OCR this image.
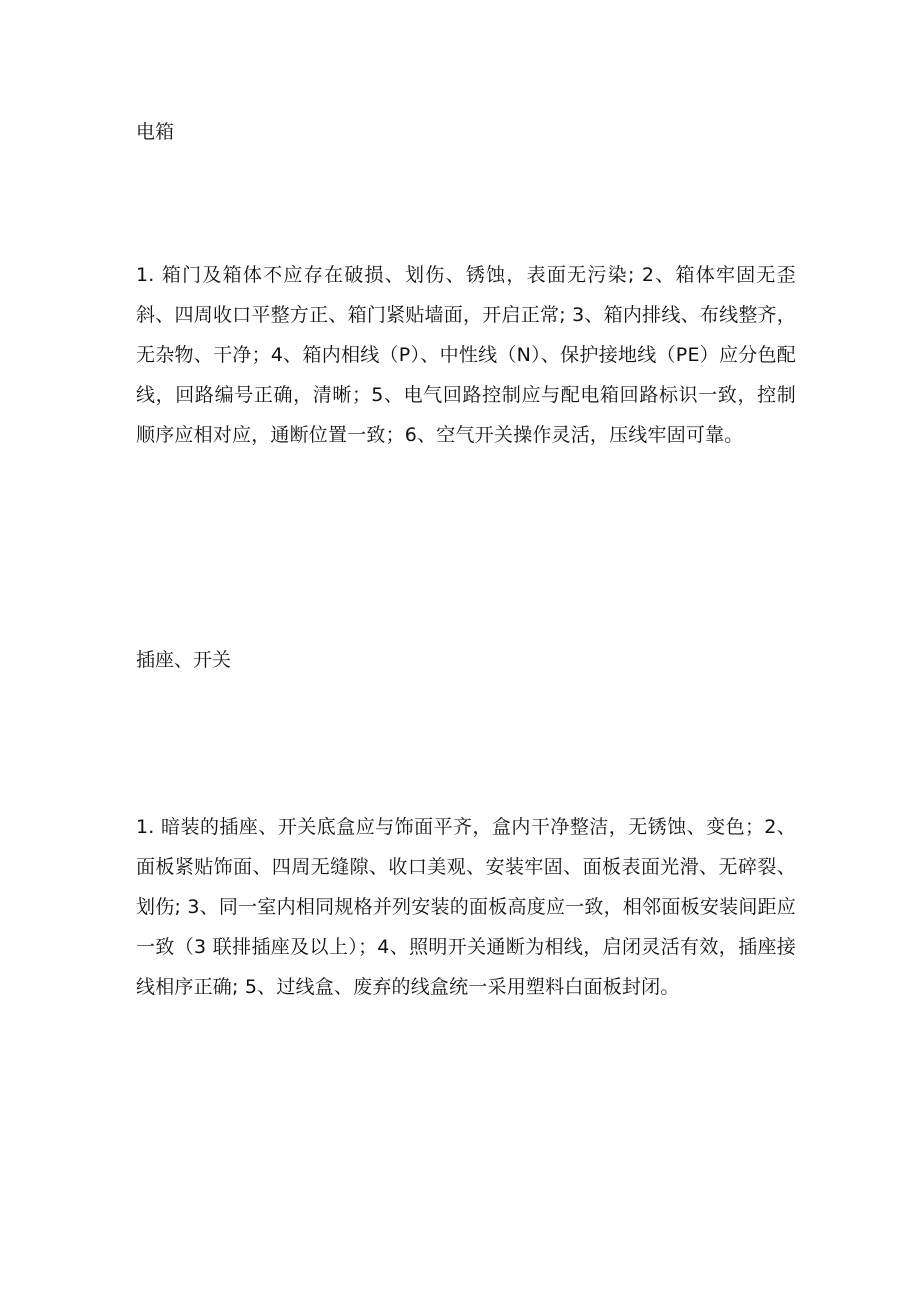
电箱

1. 箱门及箱体不应存在破损、划伤、锈蚀，表面无污染; 2、箱体牢固无歪斜、四周收口平整方正、箱门紧贴墙面，开启正常; 3、箱内排线、布线整齐，无杂物、干净；4、箱内相线（P）、中性线（N）、保护接地线（PE）应分色配线，回路编号正确，清晰；5、电气回路控制应与配电箱回路标识一致，控制顺序应相对应，通断位置一致；6、空气开关操作灵活，压线牢固可靠。

插座、开关

1. 暗装的插座、开关底盒应与饰面平齐，盒内干净整洁，无锈蚀、变色；2、面板紧贴饰面、四周无缝隙、收口美观、安装牢固、面板表面光滑、无碎裂、划伤; 3、同一室内相同规格并列安装的面板高度应一致，相邻面板安装间距应一致（3 联排插座及以上）；4、照明开关通断为相线，启闭灵活有效，插座接线相序正确; 5、过线盒、废弃的线盒统一采用塑料白面板封闭。
